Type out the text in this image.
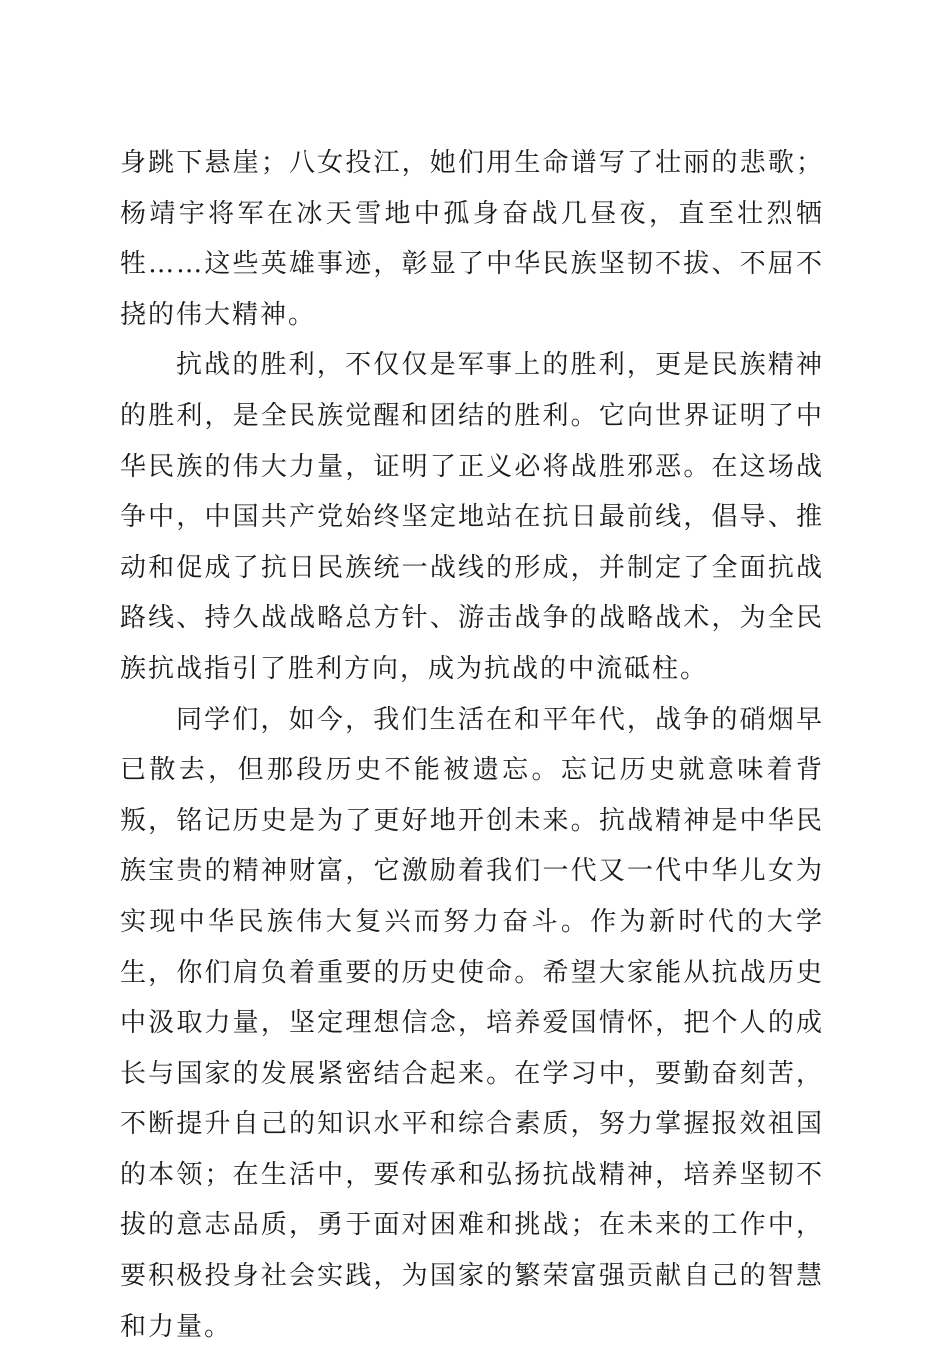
身跳下悬崖；八女投江，她们用生命谱写了壮丽的悲歌；杨靖宇将军在冰天雪地中孤身奋战几昼夜，直至壮烈牺牲……这些英雄事迹，彰显了中华民族坚韧不拔、不屈不挠的伟大精神。

抗战的胜利，不仅仅是军事上的胜利，更是民族精神的胜利，是全民族觉醒和团结的胜利。它向世界证明了中华民族的伟大力量，证明了正义必将战胜邪恶。在这场战争中，中国共产党始终坚定地站在抗日最前线，倡导、推动和促成了抗日民族统一战线的形成，并制定了全面抗战路线、持久战战略总方针、游击战争的战略战术，为全民族抗战指引了胜利方向，成为抗战的中流砥柱。

同学们，如今，我们生活在和平年代，战争的硝烟早已散去，但那段历史不能被遗忘。忘记历史就意味着背叛，铭记历史是为了更好地开创未来。抗战精神是中华民族宝贵的精神财富，它激励着我们一代又一代中华儿女为实现中华民族伟大复兴而努力奋斗。作为新时代的大学生，你们肩负着重要的历史使命。希望大家能从抗战历史中汲取力量，坚定理想信念，培养爱国情怀，把个人的成长与国家的发展紧密结合起来。在学习中，要勤奋刻苦，不断提升自己的知识水平和综合素质，努力掌握报效祖国的本领；在生活中，要传承和弘扬抗战精神，培养坚韧不拔的意志品质，勇于面对困难和挑战；在未来的工作中，要积极投身社会实践，为国家的繁荣富强贡献自己的智慧和力量。
